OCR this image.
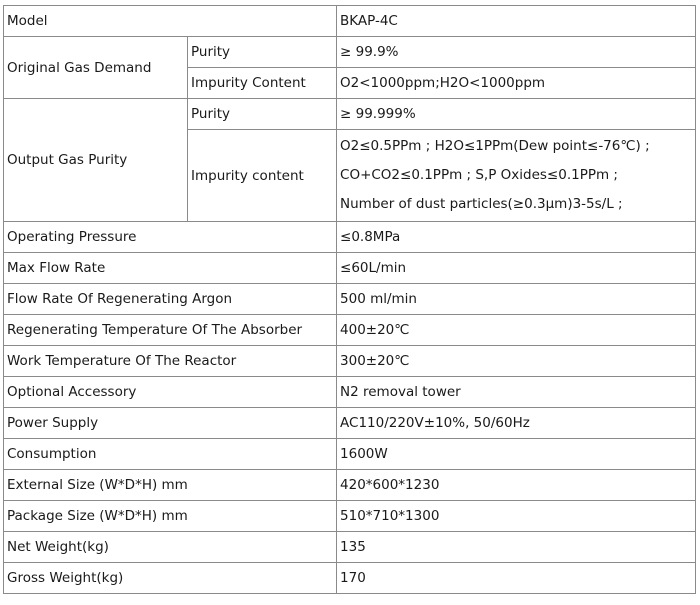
Model		BKAP-4C
Original Gas Demand	Purity	≥ 99.9%
	Impurity Content	O2<1000ppm;H2O<1000ppm
Output Gas Purity	Purity	≥ 99.999%
	Impurity content	O2≤0.5PPm ; H2O≤1PPm(Dew point≤-76℃) ;
CO+CO2≤0.1PPm ; S,P Oxides≤0.1PPm ;
Number of dust particles(≥0.3μm)3-5s/L ;

Operating Pressure		≤0.8MPa
Max Flow Rate		≤60L/min
Flow Rate Of Regenerating Argon		500 ml/min
Regenerating Temperature Of The Absorber		400±20℃
Work Temperature Of The Reactor		300±20℃
Optional Accessory		N2 removal tower
Power Supply		AC110/220V±10%, 50/60Hz
Consumption		1600W
External Size (W*D*H) mm		420*600*1230
Package Size (W*D*H) mm		510*710*1300
Net Weight(kg)		135
Gross Weight(kg)		170
